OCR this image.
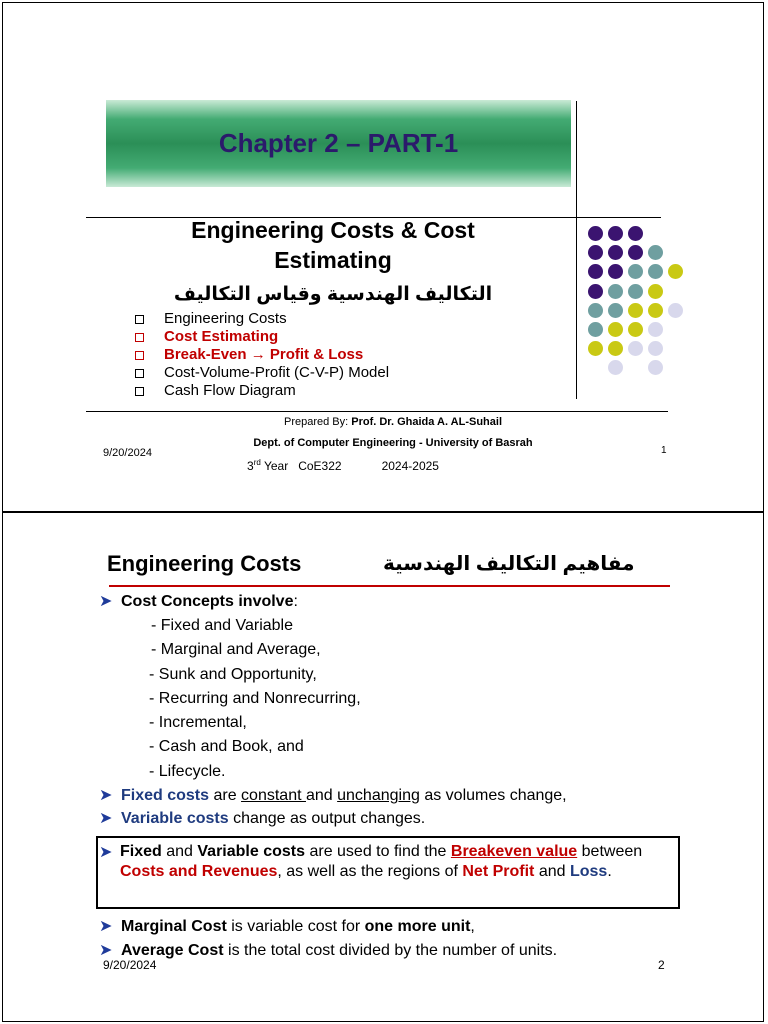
Chapter 2 – PART-1
Engineering Costs & Cost
Estimating
التكاليف الهندسية وقياس التكاليف
Engineering Costs
Cost Estimating
Break-Even → Profit & Loss
Cost-Volume-Profit (C-V-P) Model
Cash Flow Diagram
Prepared By: Prof. Dr. Ghaida A. AL-Suhail
Dept. of Computer Engineering - University of Basrah
3rd Year   CoE322            2024-2025
9/20/2024	1
Engineering Costs	مفاهيم التكاليف الهندسية
➤ Cost Concepts involve:
- Fixed and Variable
- Marginal and Average,
- Sunk and Opportunity,
- Recurring and Nonrecurring,
- Incremental,
- Cash and Book, and
- Lifecycle.
➤ Fixed costs are constant and unchanging as volumes change,
➤ Variable costs change as output changes.
➤ Fixed and Variable costs are used to find the Breakeven value between Costs and Revenues, as well as the regions of Net Profit and Loss.
➤ Marginal Cost is variable cost for one more unit,
➤ Average Cost is the total cost divided by the number of units.
9/20/2024	2
